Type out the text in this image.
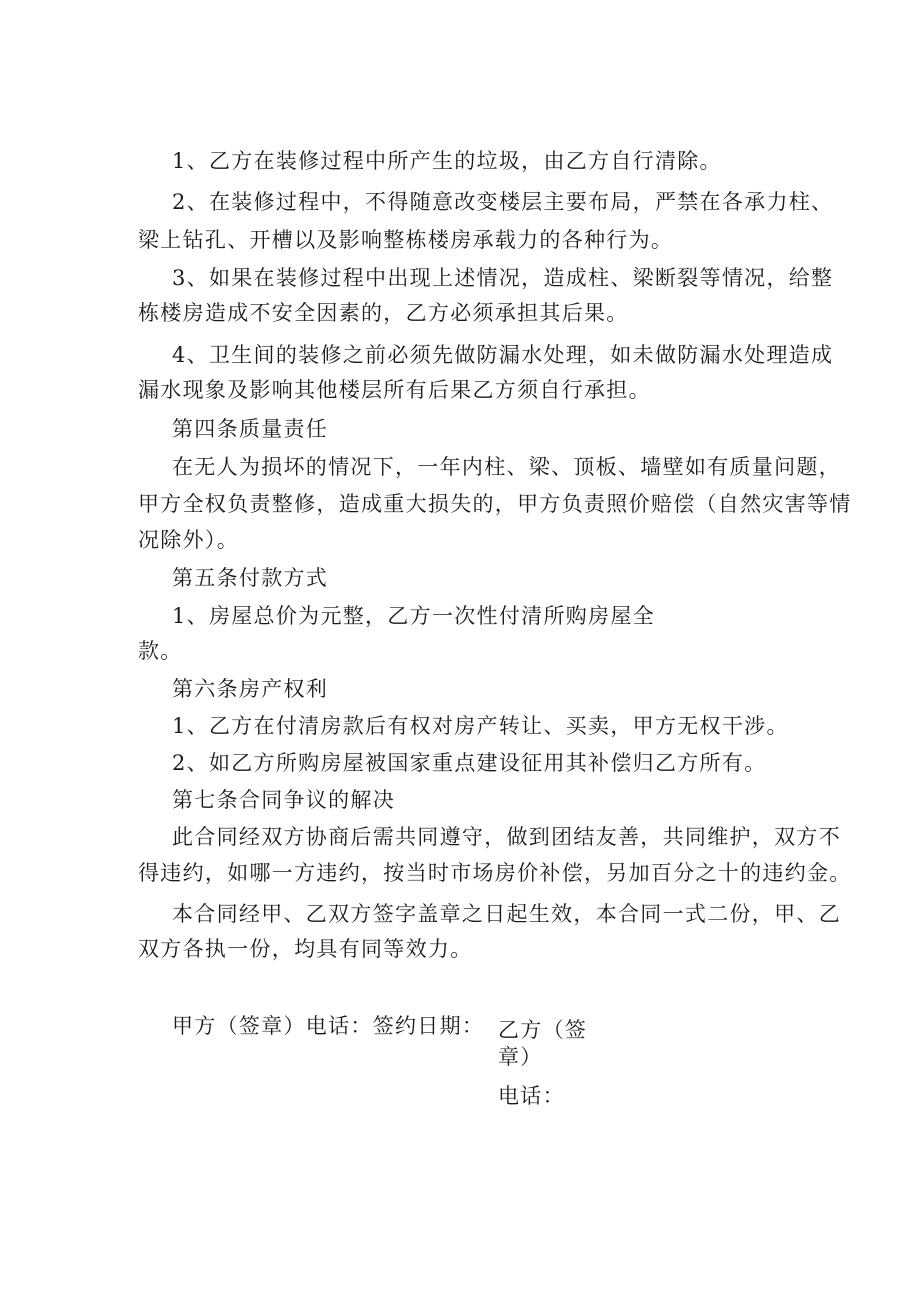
1、乙方在装修过程中所产生的垃圾，由乙方自行清除。
2、在装修过程中，不得随意改变楼层主要布局，严禁在各承力柱、
梁上钻孔、开槽以及影响整栋楼房承载力的各种行为。
3、如果在装修过程中出现上述情况，造成柱、梁断裂等情况，给整
栋楼房造成不安全因素的，乙方必须承担其后果。
4、卫生间的装修之前必须先做防漏水处理，如未做防漏水处理造成
漏水现象及影响其他楼层所有后果乙方须自行承担。
第四条质量责任
在无人为损坏的情况下，一年内柱、梁、顶板、墙壁如有质量问题，
甲方全权负责整修，造成重大损失的，甲方负责照价赔偿（自然灾害等情
况除外）。
第五条付款方式
1、房屋总价为元整，乙方一次性付清所购房屋全
款。
第六条房产权利
1、乙方在付清房款后有权对房产转让、买卖，甲方无权干涉。
2、如乙方所购房屋被国家重点建设征用其补偿归乙方所有。
第七条合同争议的解决
此合同经双方协商后需共同遵守，做到团结友善，共同维护，双方不
得违约，如哪一方违约，按当时市场房价补偿，另加百分之十的违约金。
本合同经甲、乙双方签字盖章之日起生效，本合同一式二份，甲、乙
双方各执一份，均具有同等效力。
甲方（签章）电话：签约日期： 乙方（签
章）
电话：
